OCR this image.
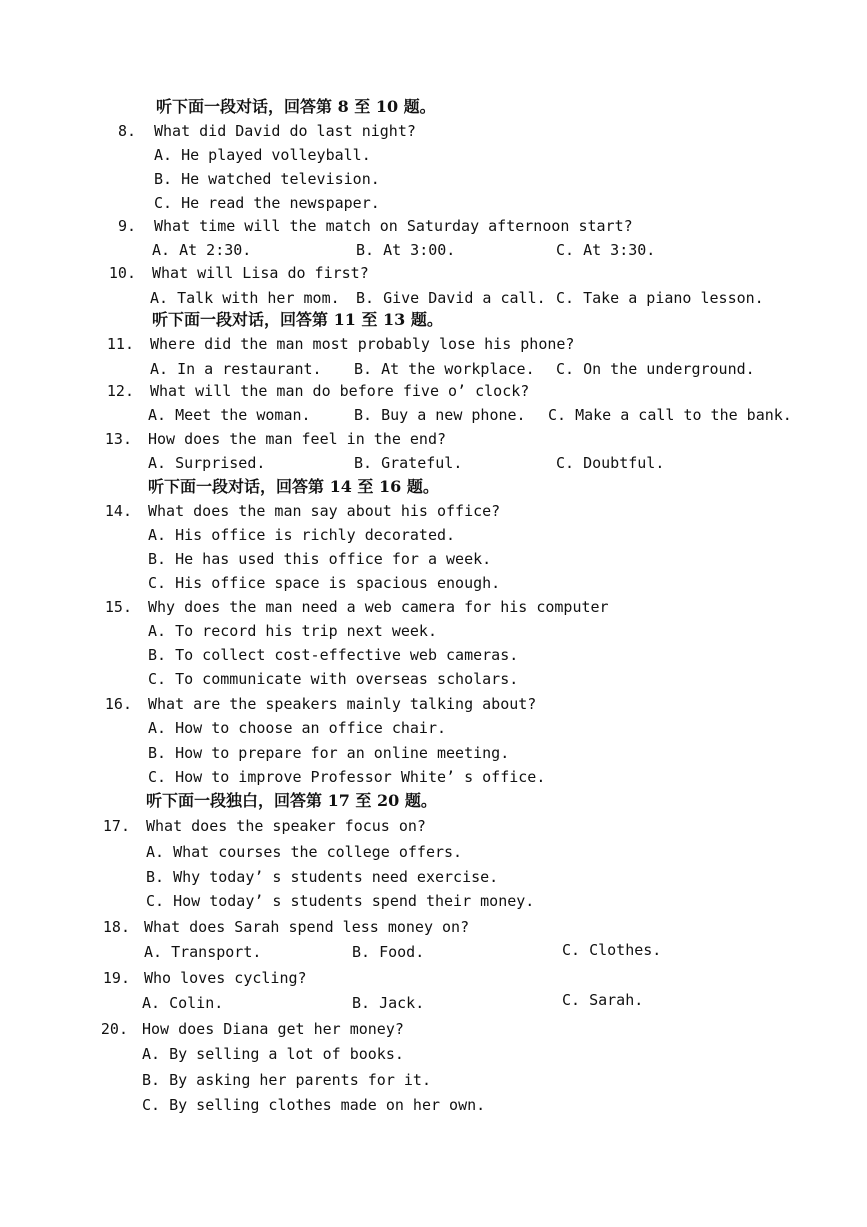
听下面一段对话，回答第 8 至 10 题。
8. What did David do last night?
A. He played volleyball.
B. He watched television.
C. He read the newspaper.
9. What time will the match on Saturday afternoon start?
A. At 2:30.	B. At 3:00.	C. At 3:30.
10. What will Lisa do first?
A. Talk with her mom. B. Give David a call. C. Take a piano lesson.
听下面一段对话，回答第 11 至 13 题。
11. Where did the man most probably lose his phone?
A. In a restaurant. B. At the workplace. C. On the underground.
12. What will the man do before five o’ clock?
A. Meet the woman.	B. Buy a new phone. C. Make a call to the bank.
13. How does the man feel in the end?
A. Surprised.	B. Grateful.	C. Doubtful.
听下面一段对话，回答第 14 至 16 题。
14. What does the man say about his office?
A. His office is richly decorated.
B. He has used this office for a week.
C. His office space is spacious enough.
15. Why does the man need a web camera for his computer
A. To record his trip next week.
B. To collect cost-effective web cameras.
C. To communicate with overseas scholars.
16. What are the speakers mainly talking about?
A. How to choose an office chair.
B. How to prepare for an online meeting.
C. How to improve Professor White’ s office.
听下面一段独白，回答第 17 至 20 题。
17. What does the speaker focus on?
A. What courses the college offers.
B. Why today’ s students need exercise.
C. How today’ s students spend their money.
18. What does Sarah spend less money on?
A. Transport.	B. Food.	C. Clothes.
19. Who loves cycling?
A. Colin.	B. Jack.	C. Sarah.
20. How does Diana get her money?
A. By selling a lot of books.
B. By asking her parents for it.
C. By selling clothes made on her own.
